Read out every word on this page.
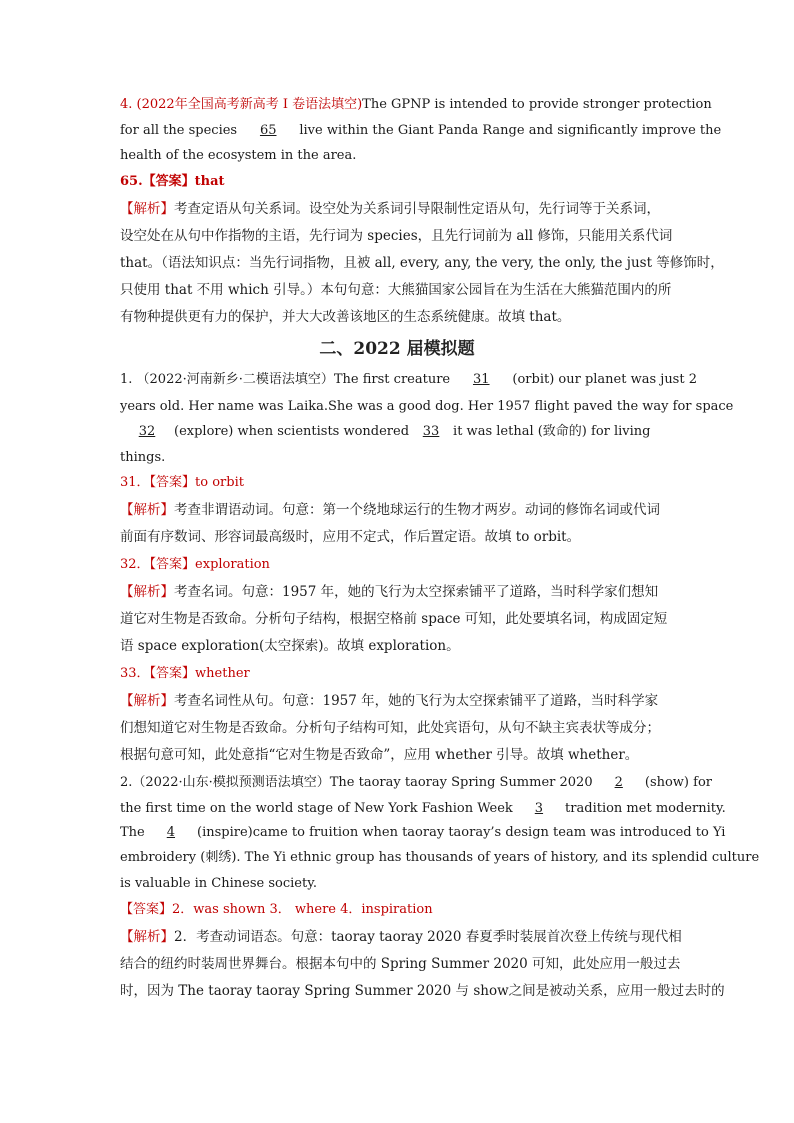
4. (2022年全国高考新高考 I 卷语法填空)The GPNP is intended to provide stronger protection
for all the species 65 live within the Giant Panda Range and significantly improve the
health of the ecosystem in the area.
65.【答案】that
【解析】考查定语从句关系词。设空处为关系词引导限制性定语从句，先行词等于关系词，
设空处在从句中作指物的主语，先行词为 species，且先行词前为 all 修饰，只能用关系代词
that。（语法知识点：当先行词指物，且被 all, every, any, the very, the only, the just 等修饰时，
只使用 that 不用 which 引导。）本句句意：大熊猫国家公园旨在为生活在大熊猫范围内的所
有物种提供更有力的保护，并大大改善该地区的生态系统健康。故填 that。
二、2022 届模拟题
1. （2022·河南新乡·二模语法填空）The first creature 31 (orbit) our planet was just 2
years old. Her name was Laika.She was a good dog. Her 1957 flight paved the way for space
32 (explore) when scientists wondered 33 it was lethal (致命的) for living
things.
31．【答案】to orbit
【解析】考查非谓语动词。句意：第一个绕地球运行的生物才两岁。动词的修饰名词或代词
前面有序数词、形容词最高级时，应用不定式，作后置定语。故填 to orbit。
32．【答案】exploration
【解析】考查名词。句意：1957 年，她的飞行为太空探索铺平了道路，当时科学家们想知
道它对生物是否致命。分析句子结构，根据空格前 space 可知，此处要填名词，构成固定短
语 space exploration(太空探索)。故填 exploration。
33．【答案】whether
【解析】考查名词性从句。句意：1957 年，她的飞行为太空探索铺平了道路，当时科学家
们想知道它对生物是否致命。分析句子结构可知，此处宾语句，从句不缺主宾表状等成分；
根据句意可知，此处意指“它对生物是否致命”，应用 whether 引导。故填 whether。
2.（2022·山东·模拟预测语法填空）The taoray taoray Spring Summer 2020 2 (show) for
the first time on the world stage of New York Fashion Week 3 tradition met modernity.
The 4 (inspire)came to fruition when taoray taoray’s design team was introduced to Yi
embroidery (刺绣). The Yi ethnic group has thousands of years of history, and its splendid culture
is valuable in Chinese society.
【答案】2．was shown 3． where 4．inspiration
【解析】2．考查动词语态。句意：taoray taoray 2020 春夏季时装展首次登上传统与现代相
结合的纽约时装周世界舞台。根据本句中的 Spring Summer 2020 可知，此处应用一般过去
时，因为 The taoray taoray Spring Summer 2020 与 show之间是被动关系，应用一般过去时的
